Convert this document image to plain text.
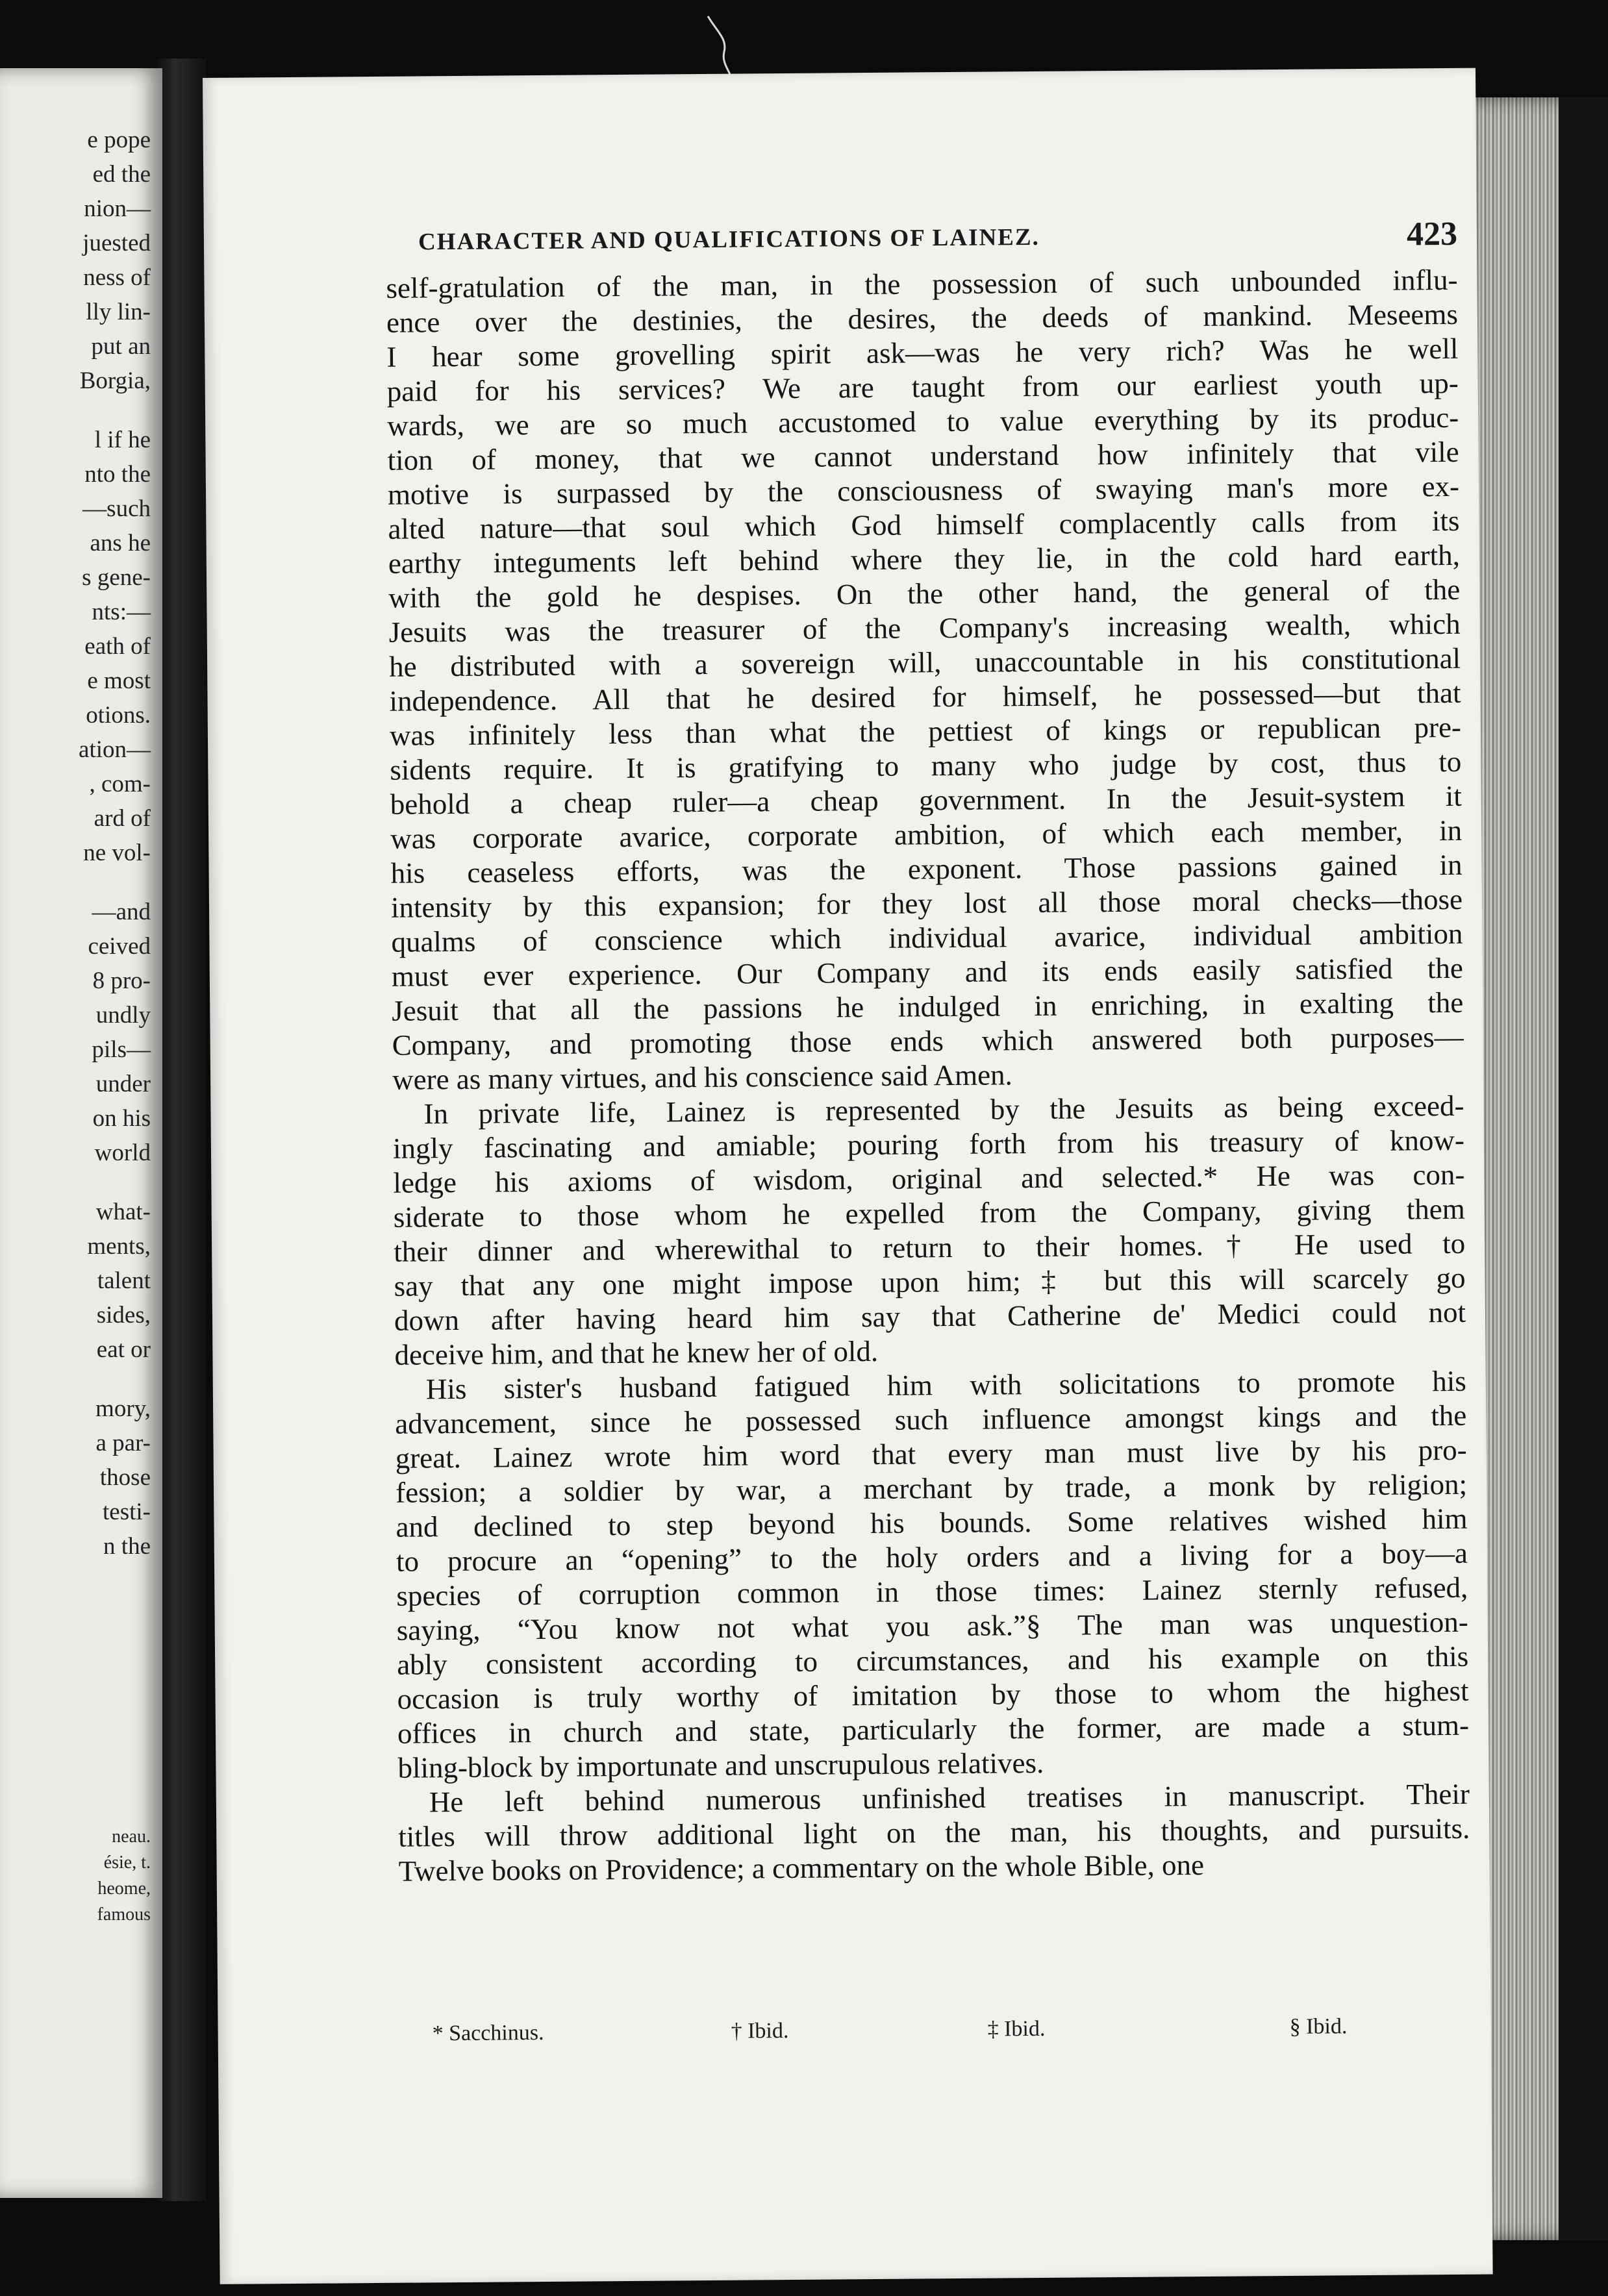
e pope
ed the
nion—
juested
ness of
lly lin-
put an
Borgia,
l if he
nto the
—such
ans he
s gene-
nts:—
eath of
e most
otions.
ation—
, com-
ard of
ne vol-
—and
ceived
8 pro-
undly
pils—
under
on his
world
what-
ments,
talent
sides,
eat or
mory,
a par-
those
testi-
n the
neau.
ésie, t.
heome,
famous
CHARACTER AND QUALIFICATIONS OF LAINEZ.	423
self-gratulation of the man, in the possession of such unbounded influ-
ence over the destinies, the desires, the deeds of mankind. Meseems
I hear some grovelling spirit ask—was he very rich? Was he well
paid for his services? We are taught from our earliest youth up-
wards, we are so much accustomed to value everything by its produc-
tion of money, that we cannot understand how infinitely that vile
motive is surpassed by the consciousness of swaying man's more ex-
alted nature—that soul which God himself complacently calls from its
earthy integuments left behind where they lie, in the cold hard earth,
with the gold he despises. On the other hand, the general of the
Jesuits was the treasurer of the Company's increasing wealth, which
he distributed with a sovereign will, unaccountable in his constitutional
independence. All that he desired for himself, he possessed—but that
was infinitely less than what the pettiest of kings or republican pre-
sidents require. It is gratifying to many who judge by cost, thus to
behold a cheap ruler—a cheap government. In the Jesuit-system it
was corporate avarice, corporate ambition, of which each member, in
his ceaseless efforts, was the exponent. Those passions gained in
intensity by this expansion; for they lost all those moral checks—those
qualms of conscience which individual avarice, individual ambition
must ever experience. Our Company and its ends easily satisfied the
Jesuit that all the passions he indulged in enriching, in exalting the
Company, and promoting those ends which answered both purposes—
were as many virtues, and his conscience said Amen.
In private life, Lainez is represented by the Jesuits as being exceed-
ingly fascinating and amiable; pouring forth from his treasury of know-
ledge his axioms of wisdom, original and selected.* He was con-
siderate to those whom he expelled from the Company, giving them
their dinner and wherewithal to return to their homes.† He used to
say that any one might impose upon him;‡ but this will scarcely go
down after having heard him say that Catherine de' Medici could not
deceive him, and that he knew her of old.
His sister's husband fatigued him with solicitations to promote his
advancement, since he possessed such influence amongst kings and the
great. Lainez wrote him word that every man must live by his pro-
fession; a soldier by war, a merchant by trade, a monk by religion;
and declined to step beyond his bounds. Some relatives wished him
to procure an “opening” to the holy orders and a living for a boy—a
species of corruption common in those times: Lainez sternly refused,
saying, “You know not what you ask.”§ The man was unquestion-
ably consistent according to circumstances, and his example on this
occasion is truly worthy of imitation by those to whom the highest
offices in church and state, particularly the former, are made a stum-
bling-block by importunate and unscrupulous relatives.
He left behind numerous unfinished treatises in manuscript. Their
titles will throw additional light on the man, his thoughts, and pursuits.
Twelve books on Providence; a commentary on the whole Bible, one
* Sacchinus.	† Ibid.	‡ Ibid.	§ Ibid.
